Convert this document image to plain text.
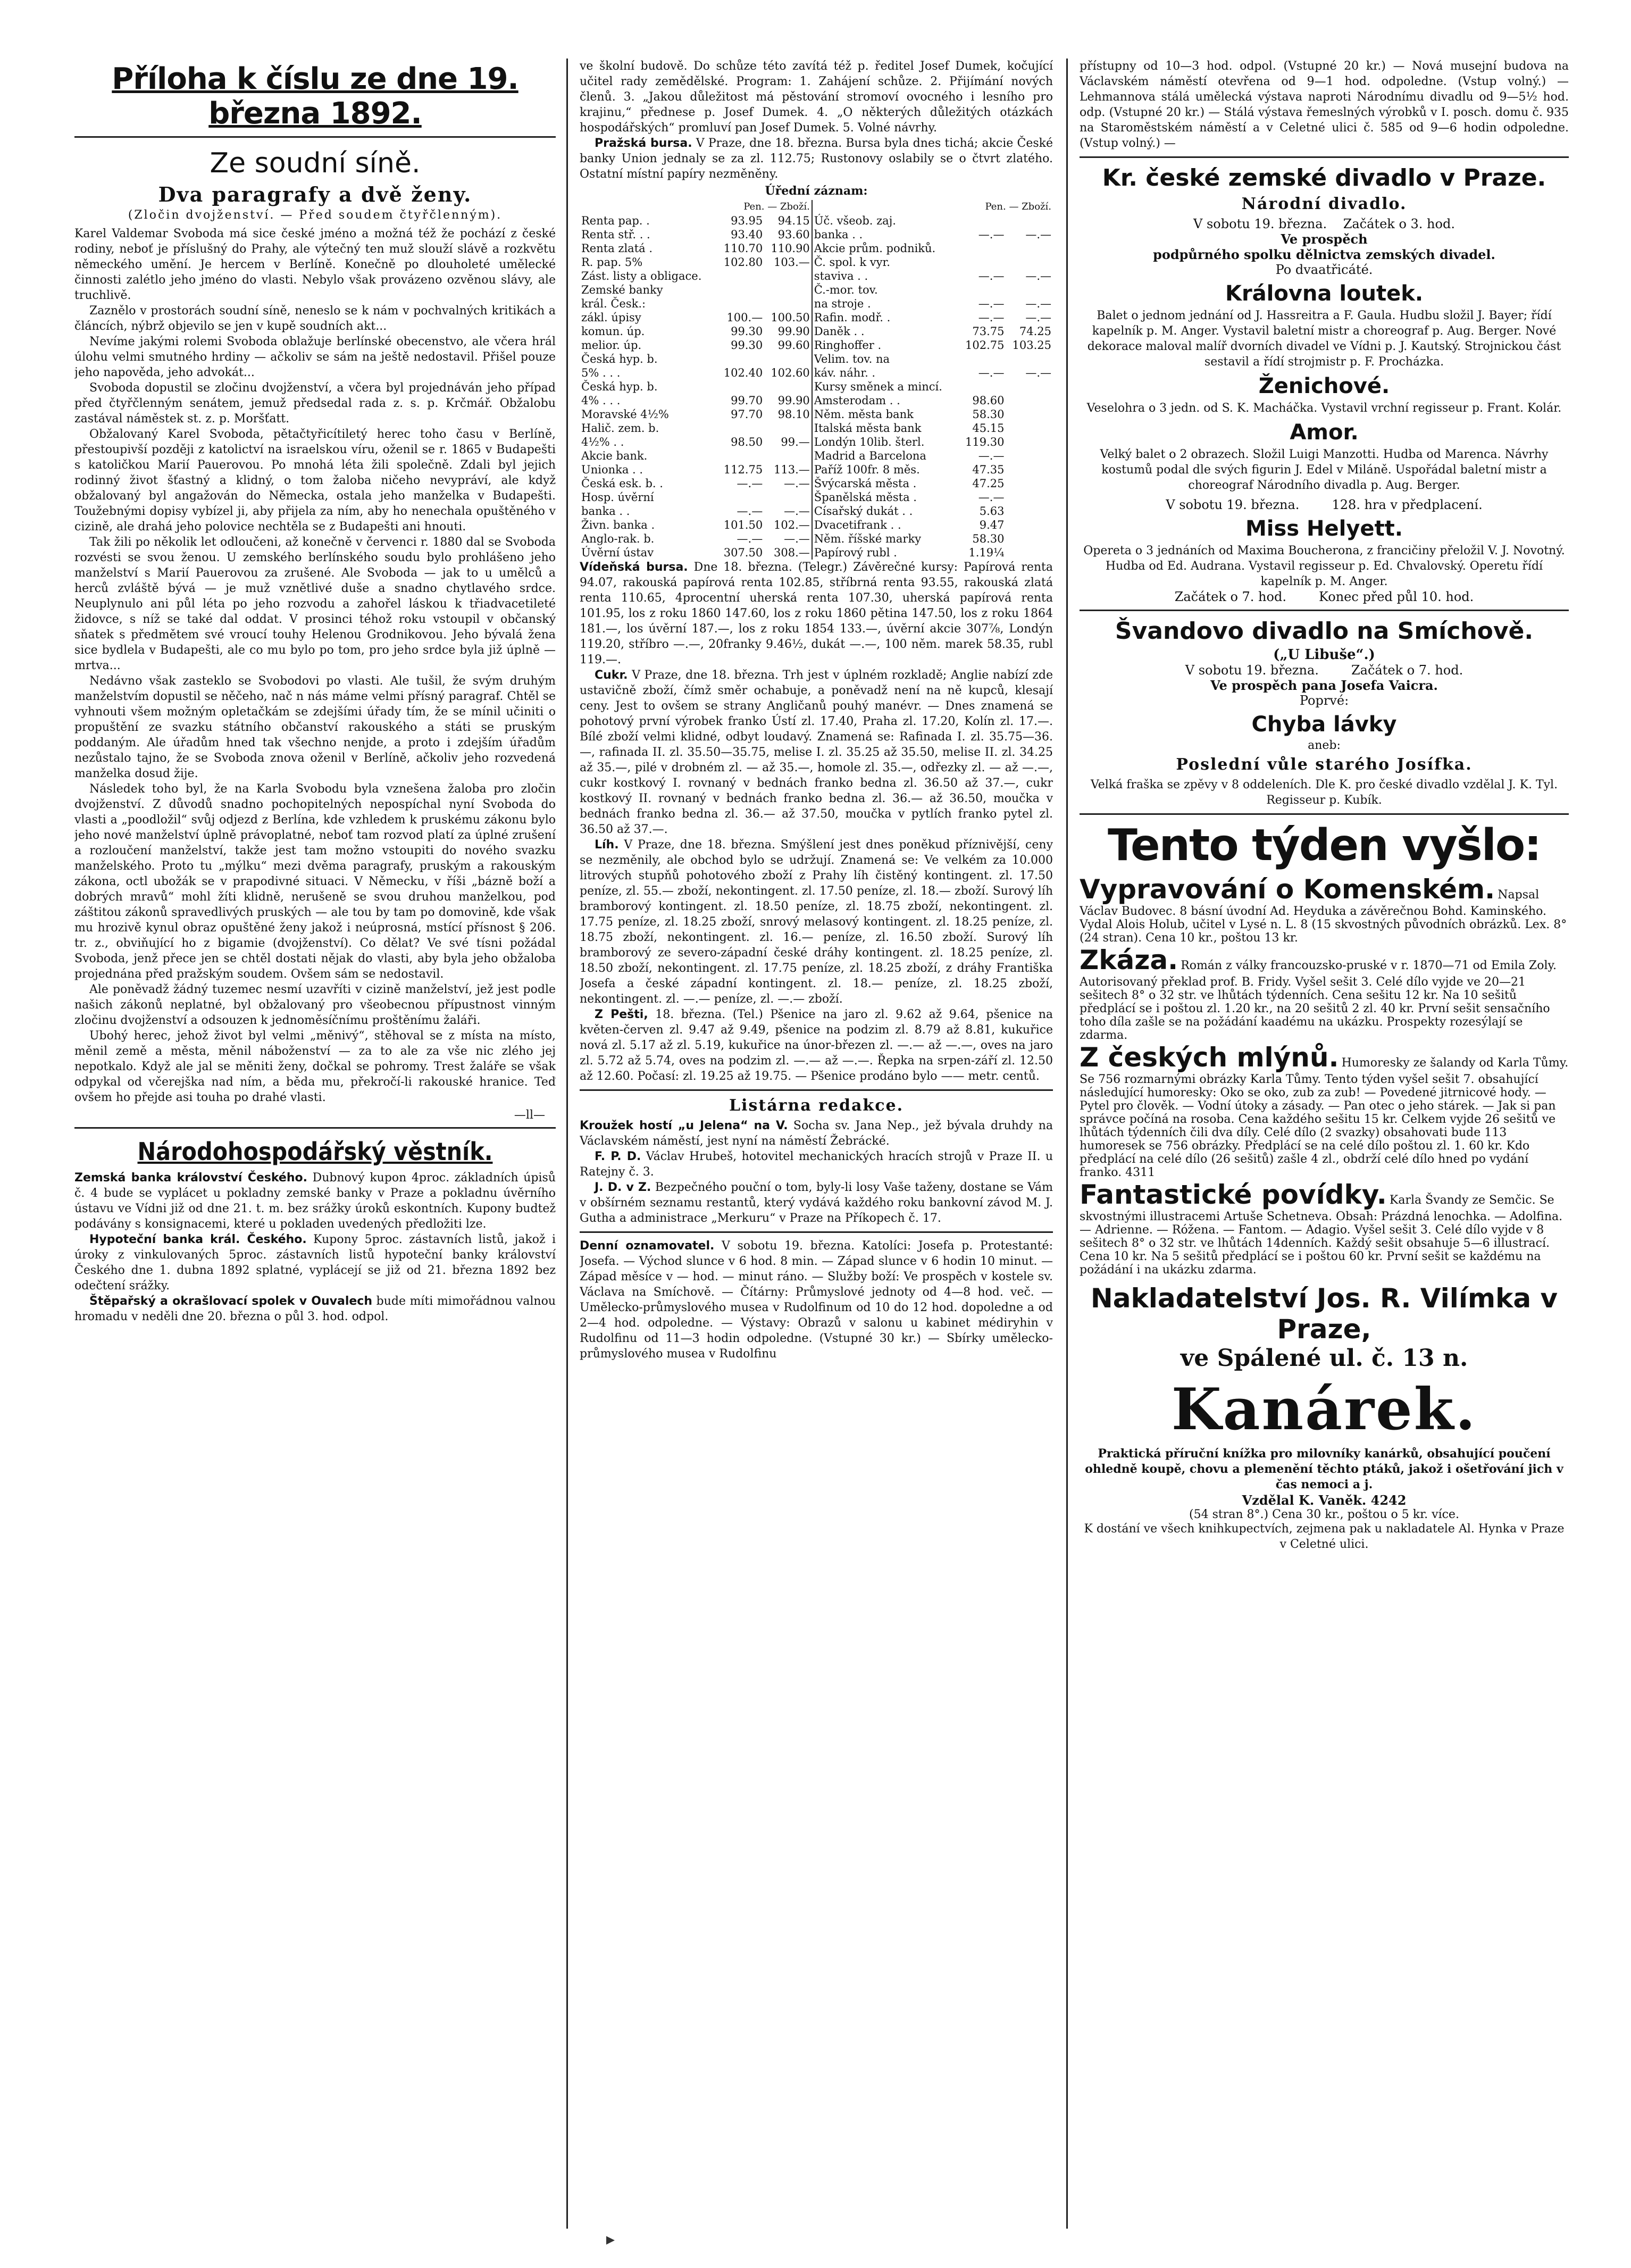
Příloha k číslu ze dne 19. března 1892.
Ze soudní síně.
Dva paragrafy a dvě ženy.
(Zločin dvojženství. — Před soudem čtyřčlenným).

Karel Valdemar Svoboda má sice české jméno a možná též že pochází z české rodiny, neboť je příslušný do Prahy, ale výtečný ten muž slouží slávě a rozkvětu německého umění. Je hercem v Berlíně. Konečně po dlouholeté umělecké činnosti zalétlo jeho jméno do vlasti. Nebylo však provázeno ozvěnou slávy, ale truchlivě.

Zaznělo v prostorách soudní síně, neneslo se k nám v pochvalných kritikách a článcích, nýbrž objevilo se jen v kupě soudních akt...

Nevíme jakými rolemi Svoboda oblažuje berlínské obecenstvo, ale včera hrál úlohu velmi smutného hrdiny — ačkoliv se sám na ještě nedostavil. Přišel pouze jeho napověda, jeho advokát...

Svoboda dopustil se zločinu dvojženství, a včera byl projednáván jeho případ před čtyřčlenným senátem, jemuž předsedal rada z. s. p. Krčmář. Obžalobu zastával náměstek st. z. p. Moršťatt.

Obžalovaný Karel Svoboda, pětačtyřicítiletý herec toho času v Berlíně, přestoupivší později z katolictví na israelskou víru, oženil se r. 1865 v Budapešti s katoličkou Marií Pauerovou. Po mnohá léta žili společně. Zdali byl jejich rodinný život šťastný a klidný, o tom žaloba ničeho nevypráví, ale když obžalovaný byl angažován do Německa, ostala jeho manželka v Budapešti. Toužebnými dopisy vybízel ji, aby přijela za ním, aby ho nenechala opuštěného v cizině, ale drahá jeho polovice nechtěla se z Budapešti ani hnouti.

Tak žili po několik let odloučeni, až konečně v červenci r. 1880 dal se Svoboda rozvésti se svou ženou. U zemského berlínského soudu bylo prohlášeno jeho manželství s Marií Pauerovou za zrušené. Ale Svoboda — jak to u umělců a herců zvláště bývá — je muž vznětlivé duše a snadno chytlavého srdce. Neuplynulo ani půl léta po jeho rozvodu a zahořel láskou k třiadvacetileté židovce, s níž se také dal oddat. V prosinci téhož roku vstoupil v občanský sňatek s předmětem své vroucí touhy Helenou Grodnikovou. Jeho bývalá žena sice bydlela v Budapešti, ale co mu bylo po tom, pro jeho srdce byla již úplně — mrtva...

Nedávno však zasteklo se Svobodovi po vlasti. Ale tušil, že svým druhým manželstvím dopustil se něčeho, nač n nás máme velmi přísný paragraf. Chtěl se vyhnouti všem možným opletačkám se zdejšími úřady tím, že se mínil učiniti o propuštění ze svazku státního občanství rakouského a státi se pruským poddaným. Ale úřadům hned tak všechno nenjde, a proto i zdejším úřadům nezůstalo tajno, že se Svoboda znova oženil v Berlíně, ačkoliv jeho rozvedená manželka dosud žije.

Následek toho byl, že na Karla Svobodu byla vznešena žaloba pro zločin dvojženství. Z důvodů snadno pochopitelných nepospíchal nyní Svoboda do vlasti a „poodložil“ svůj odjezd z Berlína, kde vzhledem k pruskému zákonu bylo jeho nové manželství úplně právoplatné, neboť tam rozvod platí za úplné zrušení a rozloučení manželství, takže jest tam možno vstoupiti do nového svazku manželského. Proto tu „mýlku“ mezi dvěma paragrafy, pruským a rakouským zákona, octl ubožák se v prapodivné situaci. V Německu, v říši „bázně boží a dobrých mravů“ mohl žíti klidně, nerušeně se svou druhou manželkou, pod záštitou zákonů spravedlivých pruských — ale tou by tam po domovině, kde však mu hrozivě kynul obraz opuštěné ženy jakož i neúprosná, mstící přísnost § 206. tr. z., obviňující ho z bigamie (dvojženství). Co dělat? Ve své tísni požádal Svoboda, jenž přece jen se chtěl dostati nějak do vlasti, aby byla jeho obžaloba projednána před pražským soudem. Ovšem sám se nedostavil.

Ale poněvadž žádný tuzemec nesmí uzavříti v cizině manželství, jež jest podle našich zákonů neplatné, byl obžalovaný pro všeobecnou přípustnost vinným zločinu dvojženství a odsouzen k jednoměsíčnímu proštěnímu žaláři.

Ubohý herec, jehož život byl velmi „měnivý“, stěhoval se z místa na místo, měnil země a města, měnil náboženství — za to ale za vše nic zlého jej nepotkalo. Když ale jal se měniti ženy, dočkal se pohromy. Trest žaláře se však odpykal od včerejška nad ním, a běda mu, překročí-li rakouské hranice. Teď ovšem ho přejde asi touha po drahé vlasti.

—ll—
Národohospodářský věstník.

Zemská banka království Českého. Dubnový kupon 4proc. základních úpisů č. 4 bude se vyplácet u pokladny zemské banky v Praze a pokladnu úvěrního ústavu ve Vídni již od dne 21. t. m. bez srážky úroků eskontních. Kupony budtež podávány s konsignacemi, které u pokladen uvedených předložiti lze.

Hypoteční banka král. Českého. Kupony 5proc. zástavních listů, jakož i úroky z vinkulovaných 5proc. zástavních listů hypoteční banky království Českého dne 1. dubna 1892 splatné, vyplácejí se již od 21. března 1892 bez odečtení srážky.

Štěpařský a okrašlovací spolek v Ouvalech bude míti mimořádnou valnou hromadu v neděli dne 20. března o půl 3. hod. odpol.

ve školní budově. Do schůze této zavítá též p. ředitel Josef Dumek, kočující učitel rady zemědělské. Program: 1. Zahájení schůze. 2. Přijímání nových členů. 3. „Jakou důležitost má pěstování stromoví ovocného i lesního pro krajinu,“ přednese p. Josef Dumek. 4. „O některých důležitých otázkách hospodářských“ promluví pan Josef Dumek. 5. Volné návrhy.

Pražská bursa. V Praze, dne 18. března. Bursa byla dnes tichá; akcie České banky Union jednaly se za zl. 112.75; Rustonovy oslabily se o čtvrt zlatého. Ostatní místní papíry nezměněny.

Úřední záznam:
	Pen. — Zboží.			Pen. — Zboží.	
Renta pap. .	93.95	94.15	Úč. všeob. zaj.		
Renta stř. . .	93.40	93.60	banka . .	—.—	—.—
Renta zlatá .	110.70	110.90	Akcie prům. podniků.		
R. pap. 5%	102.80	103.—	Č. spol. k vyr.		
Zást. listy a obligace.			staviva . .	—.—	—.—
Zemské banky			Č.-mor. tov.		
král. Česk.:			na stroje .	—.—	—.—
zákl. úpisy	100.—	100.50	Rafin. modř. .	—.—	—.—
komun. úp.	99.30	99.90	Daněk . .	73.75	74.25
melior. úp.	99.30	99.60	Ringhoffer .	102.75	103.25
Česká hyp. b.			Velim. tov. na		
5% . . .	102.40	102.60	káv. náhr. .	—.—	—.—
Česká hyp. b.			Kursy směnek a mincí.		
4% . . .	99.70	99.90	Amsterodam . .	98.60	
Moravské 4½%	97.70	98.10	Něm. města bank	58.30	
Halič. zem. b.			Italská města bank	45.15	
4½% . .	98.50	99.—	Londýn 10lib. šterl.	119.30	
Akcie bank.			Madrid a Barcelona	—.—	
Unionka . .	112.75	113.—	Paříž 100fr. 8 měs.	47.35	
Česká esk. b. .	—.—	—.—	Švýcarská města .	47.25	
Hosp. úvěrní			Španělská města .	—.—	
banka . .	—.—	—.—	Císařský dukát . .	5.63	
Živn. banka .	101.50	102.—	Dvacetifrank . .	9.47	
Anglo-rak. b.	—.—	—.—	Něm. říšské marky	58.30	
Úvěrní ústav	307.50	308.—	Papírový rubl .	1.19¼	

Vídeňská bursa. Dne 18. března. (Telegr.) Závěrečné kursy: Papírová renta 94.07, rakouská papírová renta 102.85, stříbrná renta 93.55, rakouská zlatá renta 110.65, 4procentní uherská renta 107.30, uherská papírová renta 101.95, los z roku 1860 147.60, los z roku 1860 pětina 147.50, los z roku 1864 181.—, los úvěrní 187.—, los z roku 1854 133.—, úvěrní akcie 307⅞, Londýn 119.20, stříbro —.—, 20franky 9.46½, dukát —.—, 100 něm. marek 58.35, rubl 119.—.

Cukr. V Praze, dne 18. března. Trh jest v úplném rozkladě; Anglie nabízí zde ustavičně zboží, čímž směr ochabuje, a poněvadž není na ně kupců, klesají ceny. Jest to ovšem se strany Angličanů pouhý manévr. — Dnes znamená se pohotový první výrobek franko Ústí zl. 17.40, Praha zl. 17.20, Kolín zl. 17.—. Bílé zboží velmi klidné, odbyt loudavý. Znamená se: Rafinada I. zl. 35.75—36.—, rafinada II. zl. 35.50—35.75, melise I. zl. 35.25 až 35.50, melise II. zl. 34.25 až 35.—, pilé v drobném zl. — až 35.—, homole zl. 35.—, odřezky zl. — až —.—, cukr kostkový I. rovnaný v bednách franko bedna zl. 36.50 až 37.—, cukr kostkový II. rovnaný v bednách franko bedna zl. 36.— až 36.50, moučka v bednách franko bedna zl. 36.— až 37.50, moučka v pytlích franko pytel zl. 36.50 až 37.—.

Líh. V Praze, dne 18. března. Smýšlení jest dnes poněkud příznivější, ceny se nezměnily, ale obchod bylo se udržují. Znamená se: Ve velkém za 10.000 litrových stupňů pohotového zboží z Prahy líh čistěný kontingent. zl. 17.50 peníze, zl. 55.— zboží, nekontingent. zl. 17.50 peníze, zl. 18.— zboží. Surový líh bramborový kontingent. zl. 18.50 peníze, zl. 18.75 zboží, nekontingent. zl. 17.75 peníze, zl. 18.25 zboží, snrový melasový kontingent. zl. 18.25 peníze, zl. 18.75 zboží, nekontingent. zl. 16.— peníze, zl. 16.50 zboží. Surový líh bramborový ze severo-západní české dráhy kontingent. zl. 18.25 peníze, zl. 18.50 zboží, nekontingent. zl. 17.75 peníze, zl. 18.25 zboží, z dráhy Františka Josefa a české západní kontingent. zl. 18.— peníze, zl. 18.25 zboží, nekontingent. zl. —.— peníze, zl. —.— zboží.

Z Pešti, 18. března. (Tel.) Pšenice na jaro zl. 9.62 až 9.64, pšenice na květen-červen zl. 9.47 až 9.49, pšenice na podzim zl. 8.79 až 8.81, kukuřice nová zl. 5.17 až zl. 5.19, kukuřice na únor-březen zl. —.— až —.—, oves na jaro zl. 5.72 až 5.74, oves na podzim zl. —.— až —.—. Řepka na srpen-září zl. 12.50 až 12.60. Počasí: zl. 19.25 až 19.75. — Pšenice prodáno bylo —— metr. centů.

Listárna redakce.

Kroužek hostí „u Jelena“ na V. Socha sv. Jana Nep., jež bývala druhdy na Václavském náměstí, jest nyní na náměstí Žebrácké.

F. P. D. Václav Hrubeš, hotovitel mechanických hracích strojů v Praze II. u Ratejny č. 3.

J. D. v Z. Bezpečného pouční o tom, byly-li losy Vaše taženy, dostane se Vám v obšírném seznamu restantů, který vydává každého roku bankovní závod M. J. Gutha a administrace „Merkuru“ v Praze na Příkopech č. 17.

Denní oznamovatel. V sobotu 19. března. Katolíci: Josefa p. Protestanté: Josefa. — Východ slunce v 6 hod. 8 min. — Západ slunce v 6 hodin 10 minut. — Západ měsíce v — hod. — minut ráno. — Služby boží: Ve prospěch v kostele sv. Václava na Smíchově. — Čítárny: Průmyslové jednoty od 4—8 hod. več. — Umělecko-průmyslového musea v Rudolfinum od 10 do 12 hod. dopoledne a od 2—4 hod. odpoledne. — Výstavy: Obrazů v salonu u kabinet médiryhin v Rudolfinu od 11—3 hodin odpoledne. (Vstupné 30 kr.) — Sbírky umělecko-průmyslového musea v Rudolfinu

přístupny od 10—3 hod. odpol. (Vstupné 20 kr.) — Nová musejní budova na Václavském náměstí otevřena od 9—1 hod. odpoledne. (Vstup volný.) — Lehmannova stálá umělecká výstava naproti Národnímu divadlu od 9—5½ hod. odp. (Vstupné 20 kr.) — Stálá výstava řemeslných výrobků v I. posch. domu č. 935 na Staroměstském náměstí a v Celetné ulici č. 585 od 9—6 hodin odpoledne. (Vstup volný.) —

Kr. české zemské divadlo v Praze.
Národní divadlo.
V sobotu 19. března.    Začátek o 3. hod.
Ve prospěch
podpůrného spolku dělnictva zemských divadel.
Po dvaatřicáté.
Královna loutek.

Balet o jednom jednání od J. Hassreitra a F. Gaula. Hudbu složil J. Bayer; řídí kapelník p. M. Anger. Vystavil baletní mistr a choreograf p. Aug. Berger. Nové dekorace maloval malíř dvorních divadel ve Vídni p. J. Kautský. Strojnickou část sestavil a řídí strojmistr p. F. Procházka.

Ženichové.

Veselohra o 3 jedn. od S. K. Macháčka. Vystavil vrchní regisseur p. Frant. Kolár.

Amor.

Velký balet o 2 obrazech. Složil Luigi Manzotti. Hudba od Marenca. Návrhy kostumů podal dle svých figurin J. Edel v Miláně. Uspořádal baletní mistr a choreograf Národního divadla p. Aug. Berger.

V sobotu 19. března.        128. hra v předplacení.
Miss Helyett.

Opereta o 3 jednáních od Maxima Boucherona, z francičiny přeložil V. J. Novotný. Hudba od Ed. Audrana. Vystavil regisseur p. Ed. Chvalovský. Operetu řídí kapelník p. M. Anger.

Začátek o 7. hod.        Konec před půl 10. hod.
Švandovo divadlo na Smíchově.
(„U Libuše“.)
V sobotu 19. března.        Začátek o 7. hod.
Ve prospěch pana Josefa Vaicra.
Poprvé:
Chyba lávky
aneb:
Poslední vůle starého Josífka.

Velká fraška se zpěvy v 8 oddeleních. Dle K. pro české divadlo vzdělal J. K. Tyl. Regisseur p. Kubík.

Tento týden vyšlo:
Vypravování o Komenském. Napsal Václav Budovec. 8 básní úvodní Ad. Heyduka a závěrečnou Bohd. Kaminského. Vydal Alois Holub, učitel v Lysé n. L. 8 (15 skvostných původních obrázků. Lex. 8° (24 stran). Cena 10 kr., poštou 13 kr.
Zkáza. Román z války francouzsko-pruské v r. 1870—71 od Emila Zoly. Autorisovaný překlad prof. B. Fridy. Vyšel sešit 3. Celé dílo vyjde ve 20—21 sešitech 8° o 32 str. ve lhůtách týdenních. Cena sešitu 12 kr. Na 10 sešitů předplácí se i poštou zl. 1.20 kr., na 20 sešitů 2 zl. 40 kr. První sešit sensačního toho díla zašle se na požádání kaadému na ukázku. Prospekty rozesýlají se zdarma.
Z českých mlýnů. Humoresky ze šalandy od Karla Tůmy. Se 756 rozmarnými obrázky Karla Tůmy. Tento týden vyšel sešit 7. obsahující následující humoresky: Oko se oko, zub za zub! — Povedené jitrnicové hody. — Pytel pro člověk. — Vodní útoky a zásady. — Pan otec o jeho stárek. — Jak si pan správce počíná na rosoba. Cena každého sešitu 15 kr. Celkem vyjde 26 sešitů ve lhůtách týdenních čili dva díly. Celé dílo (2 svazky) obsahovati bude 113 humoresek se 756 obrázky. Předplácí se na celé dílo poštou zl. 1. 60 kr. Kdo předplácí na celé dílo (26 sešitů) zašle 4 zl., obdrží celé dílo hned po vydání franko. 4311
Fantastické povídky. Karla Švandy ze Semčic. Se skvostnými illustracemi Artuše Schetneva. Obsah: Prázdná lenochka. — Adolfina. — Adrienne. — Róžena. — Fantom. — Adagio. Vyšel sešit 3. Celé dílo vyjde v 8 sešitech 8° o 32 str. ve lhůtách 14denních. Každý sešit obsahuje 5—6 illustrací. Cena 10 kr. Na 5 sešitů předplácí se i poštou 60 kr. První sešit se každému na požádání i na ukázku zdarma.
Nakladatelství Jos. R. Vilímka v Praze,
ve Spálené ul. č. 13 n.
Kanárek.

Praktická příruční knížka pro milovníky kanárků, obsahující poučení ohledně koupě, chovu a plemenění těchto ptáků, jakož i ošetřování jich v čas nemoci a j.

Vzdělal K. Vaněk. 4242
(54 stran 8°.) Cena 30 kr., poštou o 5 kr. více.

K dostání ve všech knihkupectvích, zejmena pak u nakladatele Al. Hynka v Praze v Celetné ulici.
